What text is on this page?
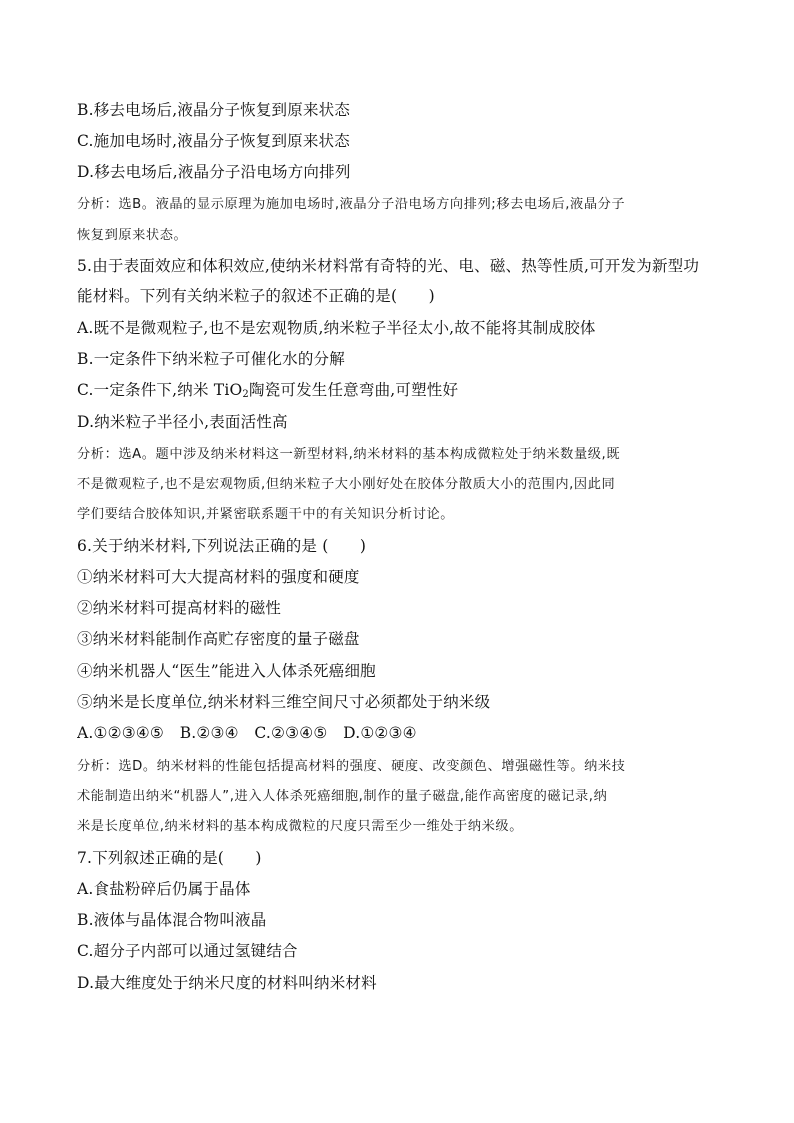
B.移去电场后,液晶分子恢复到原来状态
C.施加电场时,液晶分子恢复到原来状态
D.移去电场后,液晶分子沿电场方向排列
分析：选B。液晶的显示原理为施加电场时,液晶分子沿电场方向排列;移去电场后,液晶分子
恢复到原来状态。
5.由于表面效应和体积效应,使纳米材料常有奇特的光、电、磁、热等性质,可开发为新型功
能材料。下列有关纳米粒子的叙述不正确的是(　　)
A.既不是微观粒子,也不是宏观物质,纳米粒子半径太小,故不能将其制成胶体
B.一定条件下纳米粒子可催化水的分解
C.一定条件下,纳米 TiO$_2$陶瓷可发生任意弯曲,可塑性好
D.纳米粒子半径小,表面活性高
分析：选A。题中涉及纳米材料这一新型材料,纳米材料的基本构成微粒处于纳米数量级,既
不是微观粒子,也不是宏观物质,但纳米粒子大小刚好处在胶体分散质大小的范围内,因此同
学们要结合胶体知识,并紧密联系题干中的有关知识分析讨论。
6.关于纳米材料,下列说法正确的是 (　　)
①纳米材料可大大提高材料的强度和硬度
②纳米材料可提高材料的磁性
③纳米材料能制作高贮存密度的量子磁盘
④纳米机器人“医生”能进入人体杀死癌细胞
⑤纳米是长度单位,纳米材料三维空间尺寸必须都处于纳米级
A.①②③④⑤　B.②③④　C.②③④⑤　D.①②③④
分析：选D。纳米材料的性能包括提高材料的强度、硬度、改变颜色、增强磁性等。纳米技
术能制造出纳米“机器人”,进入人体杀死癌细胞,制作的量子磁盘,能作高密度的磁记录,纳
米是长度单位,纳米材料的基本构成微粒的尺度只需至少一维处于纳米级。
7.下列叙述正确的是(　　)
A.食盐粉碎后仍属于晶体
B.液体与晶体混合物叫液晶
C.超分子内部可以通过氢键结合
D.最大维度处于纳米尺度的材料叫纳米材料
